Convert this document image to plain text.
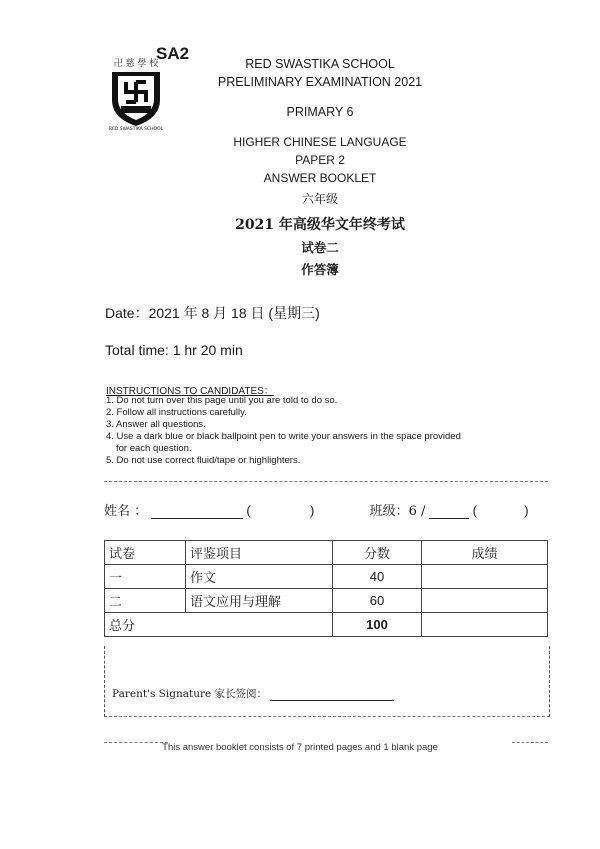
SA2
卍 慈 學 校
RED SWASTIKA SCHOOL
RED SWASTIKA SCHOOL
PRELIMINARY EXAMINATION 2021
PRIMARY 6
HIGHER CHINESE LANGUAGE
PAPER 2
ANSWER BOOKLET
六年级
2021 年高级华文年终考试
试卷二
作答簿
Date：2021 年 8 月 18 日 (星期三)
Total time: 1 hr 20 min
INSTRUCTIONS TO CANDIDATES：
1. Do not turn over this page until you are told to do so.
2. Follow all instructions carefully.
3. Answer all questions.
4. Use a dark blue or black ballpoint pen to write your answers in the space provided
for each question.
5. Do not use correct fluid/tape or highlighters.
姓名 ：	(	)	班级：6 /	(	)
试卷	评鉴项目	分数	成绩
一	作文	40	
二	语文应用与理解	60	
总分		100	
Parent's Signature 家长签阅：
This answer booklet consists of 7 printed pages and 1 blank page
